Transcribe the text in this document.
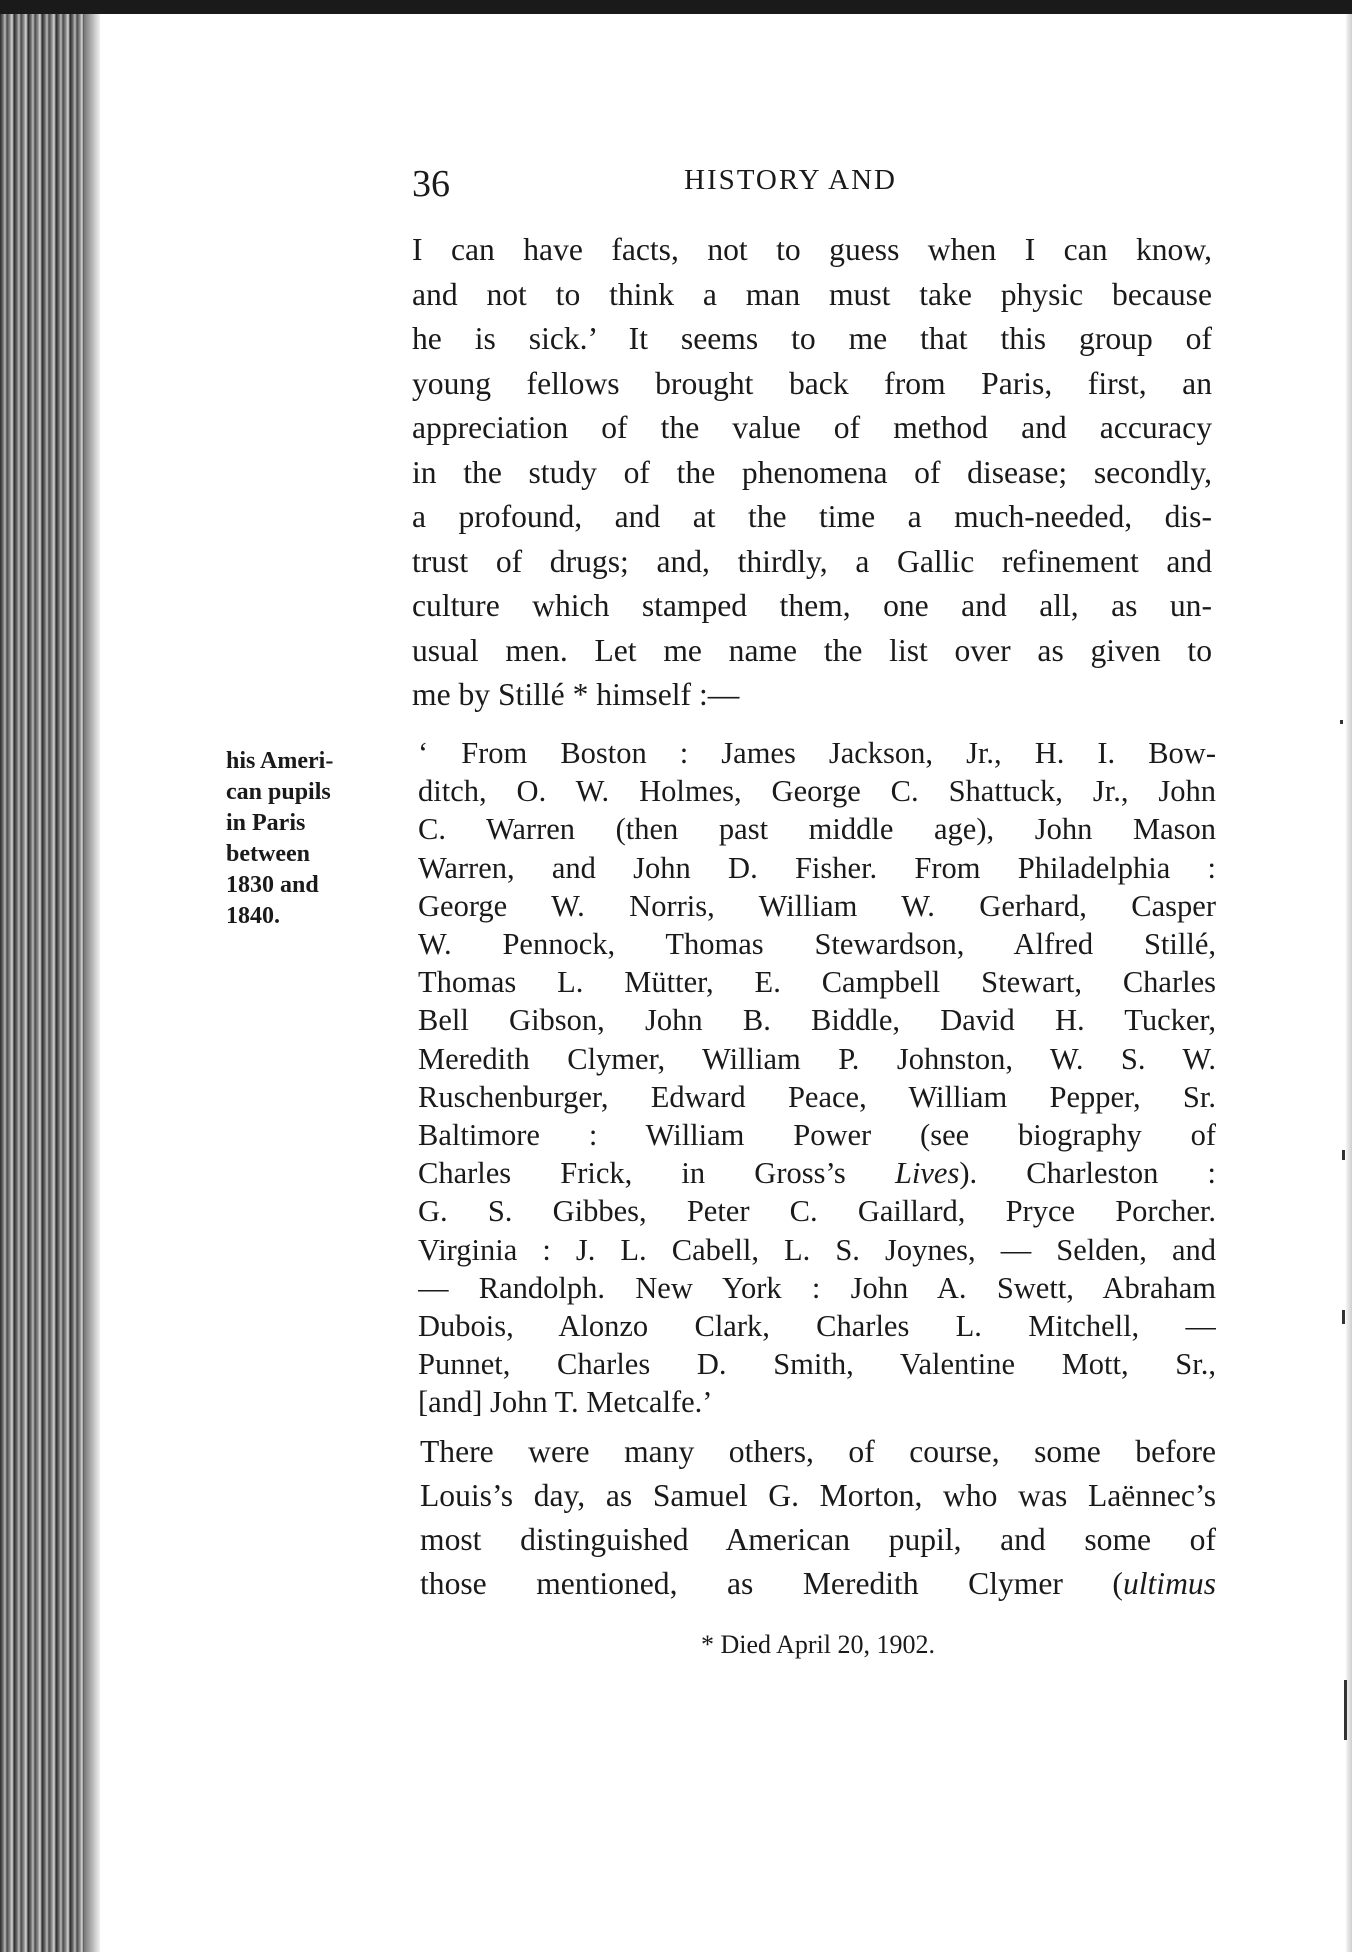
36	HISTORY AND
I can have facts, not to guess when I can know,
and not to think a man must take physic because
he is sick.’ It seems to me that this group of
young fellows brought back from Paris, first, an
appreciation of the value of method and accuracy
in the study of the phenomena of disease; secondly,
a profound, and at the time a much-needed, dis-
trust of drugs; and, thirdly, a Gallic refinement and
culture which stamped them, one and all, as un-
usual men. Let me name the list over as given to
me by Stillé * himself :—
his Ameri-
can pupils
in Paris
between
1830 and
1840.
‘ From Boston : James Jackson, Jr., H. I. Bow-
ditch, O. W. Holmes, George C. Shattuck, Jr., John
C. Warren (then past middle age), John Mason
Warren, and John D. Fisher. From Philadelphia :
George W. Norris, William W. Gerhard, Casper
W. Pennock, Thomas Stewardson, Alfred Stillé,
Thomas L. Mütter, E. Campbell Stewart, Charles
Bell Gibson, John B. Biddle, David H. Tucker,
Meredith Clymer, William P. Johnston, W. S. W.
Ruschenburger, Edward Peace, William Pepper, Sr.
Baltimore : William Power (see biography of
Charles Frick, in Gross’s Lives). Charleston :
G. S. Gibbes, Peter C. Gaillard, Pryce Porcher.
Virginia : J. L. Cabell, L. S. Joynes, — Selden, and
— Randolph. New York : John A. Swett, Abraham
Dubois, Alonzo Clark, Charles L. Mitchell, —
Punnet, Charles D. Smith, Valentine Mott, Sr.,
[and] John T. Metcalfe.’
There were many others, of course, some before
Louis’s day, as Samuel G. Morton, who was Laënnec’s
most distinguished American pupil, and some of
those mentioned, as Meredith Clymer (ultimus
* Died April 20, 1902.
